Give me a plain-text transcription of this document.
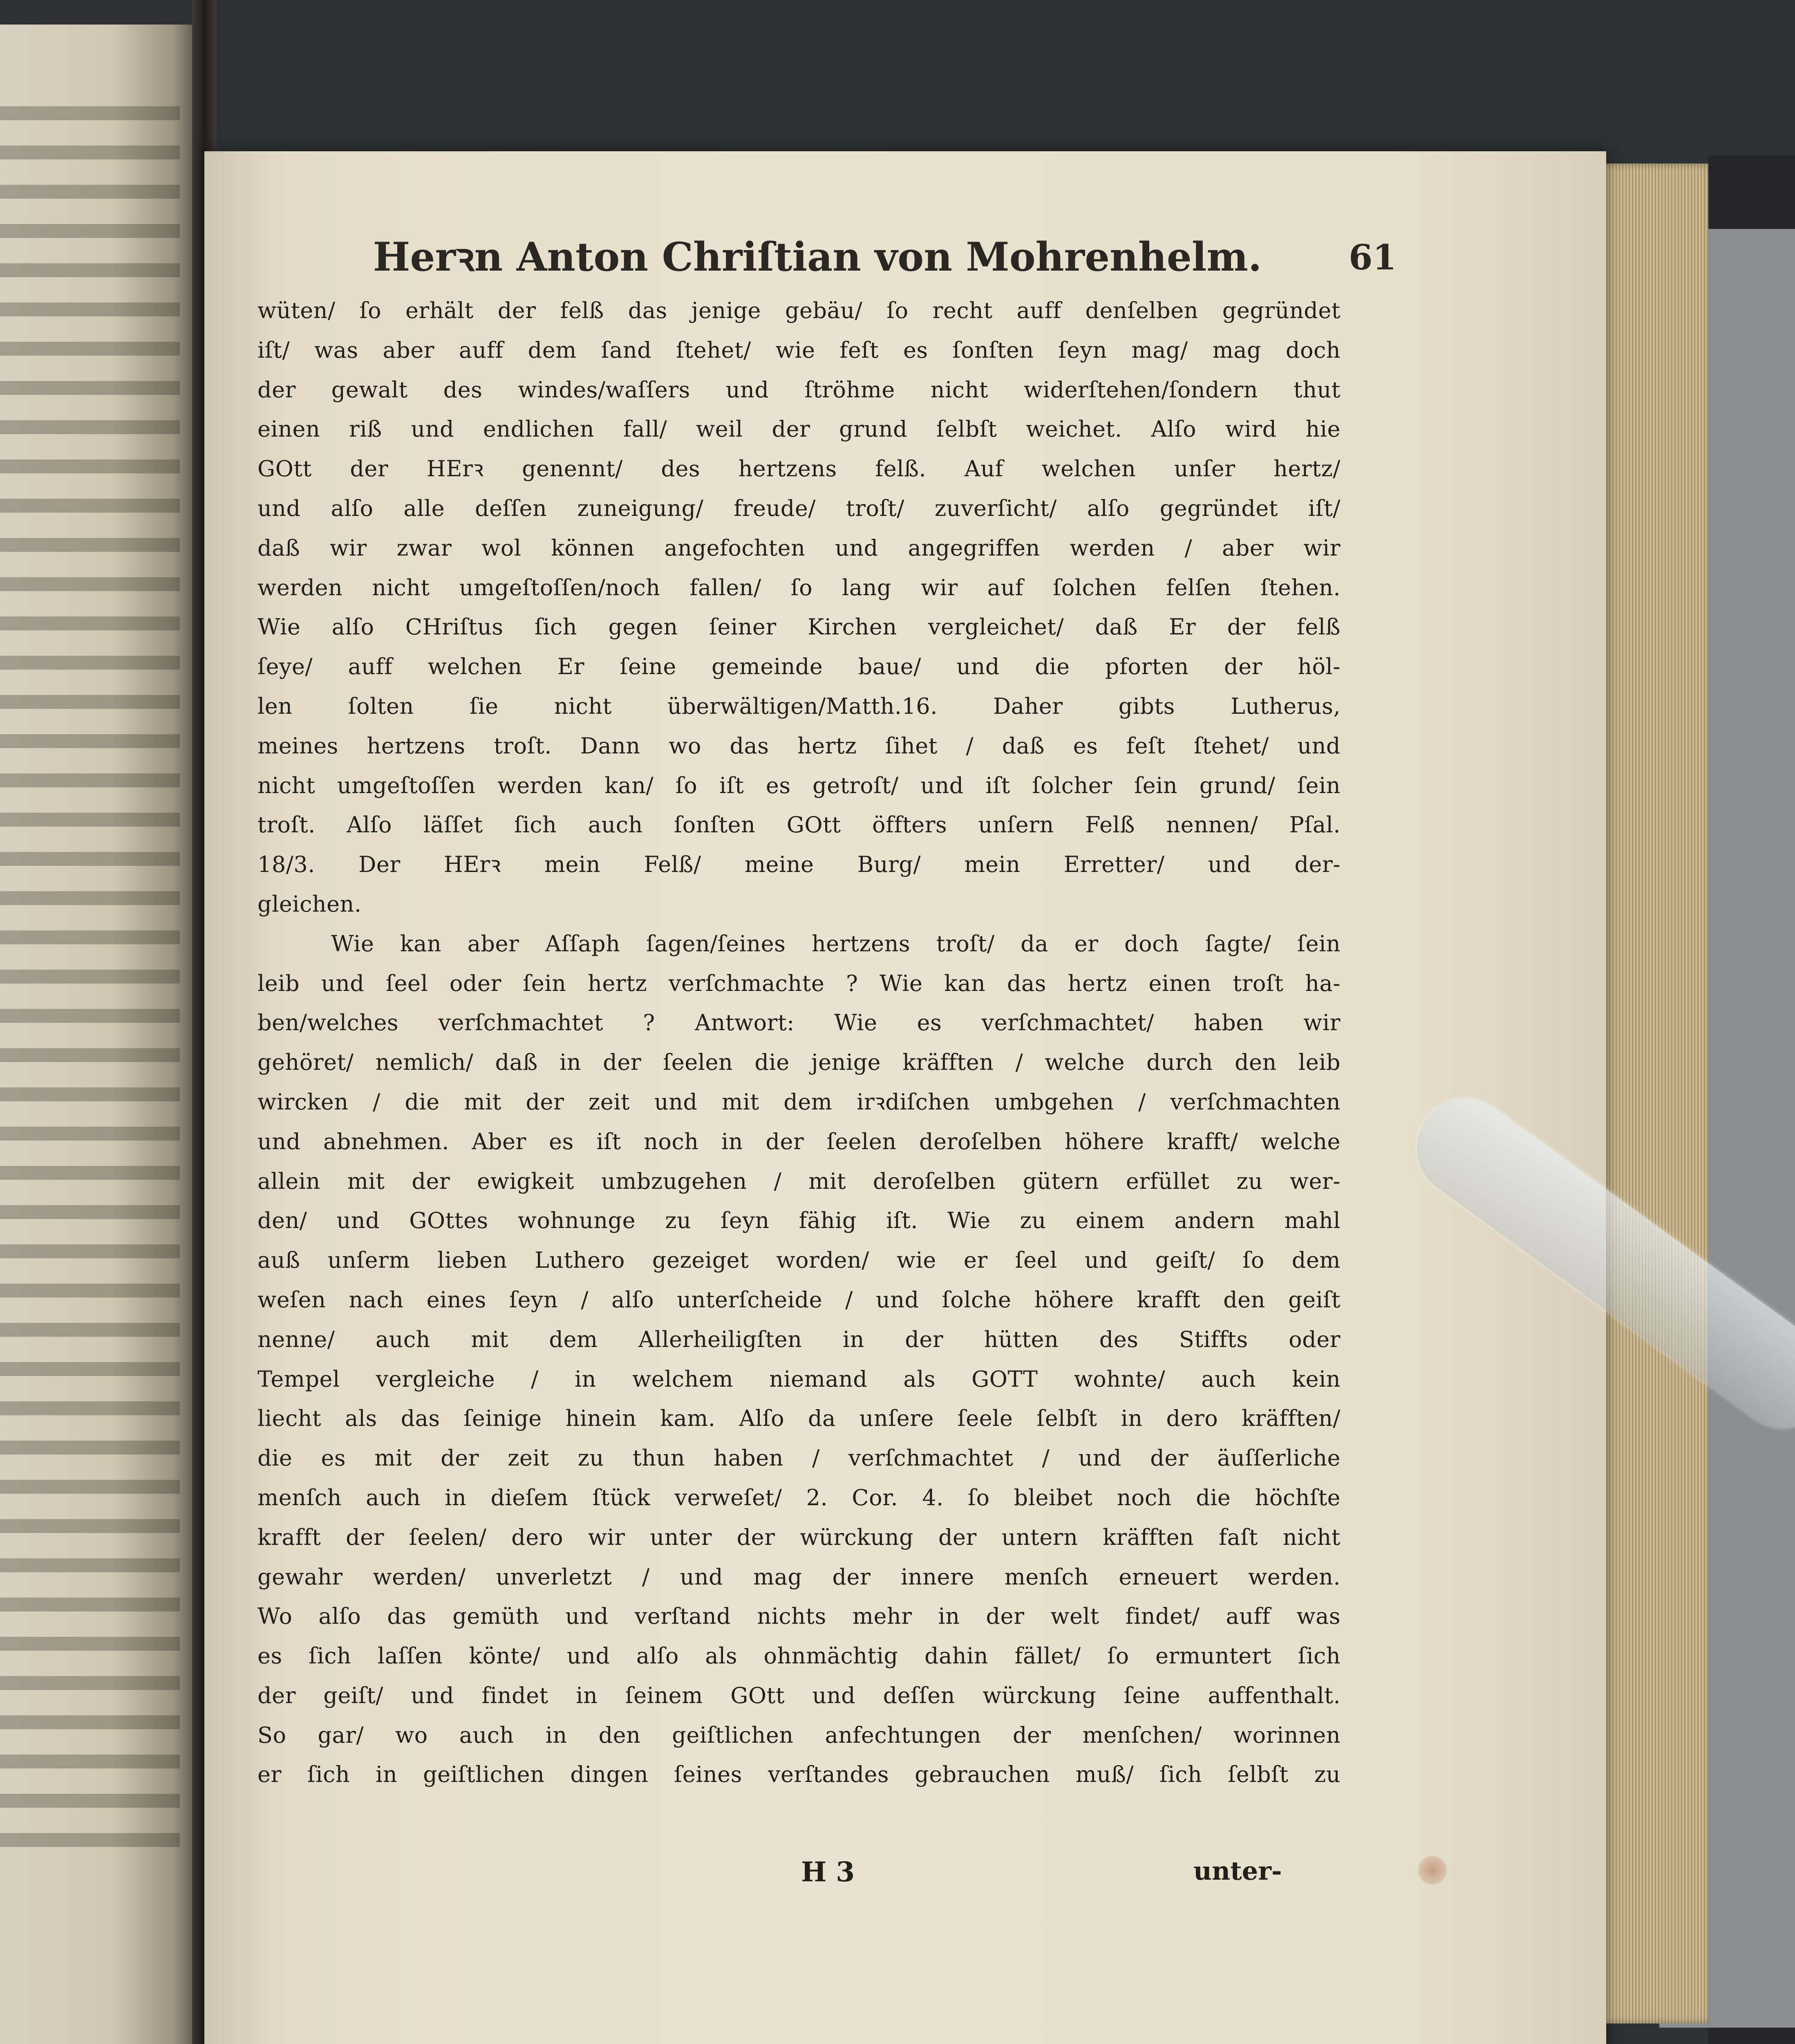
Herꝛn Anton Chriſtian von Mohrenhelm.	61
wüten/ ſo erhält der felß das jenige gebäu/ ſo recht auff denſelben gegründet
iſt/ was aber auff dem ſand ſtehet/ wie feſt es ſonſten ſeyn mag/ mag doch
der gewalt des windes/waſſers und ſtröhme nicht widerſtehen/ſondern thut
einen riß und endlichen fall/ weil der grund ſelbſt weichet. Alſo wird hie
GOtt der HErꝛ genennt/ des hertzens felß. Auf welchen unſer hertz/
und alſo alle deſſen zuneigung/ freude/ troſt/ zuverſicht/ alſo gegründet iſt/
daß wir zwar wol können angefochten und angegriffen werden / aber wir
werden nicht umgeſtoſſen/noch fallen/ ſo lang wir auf ſolchen felſen ſtehen.
Wie alſo CHriſtus ſich gegen ſeiner Kirchen vergleichet/ daß Er der felß
ſeye/ auff welchen Er ſeine gemeinde baue/ und die pforten der höl-
len ſolten ſie nicht überwältigen/Matth.16. Daher gibts Lutherus,
meines hertzens troſt. Dann wo das hertz ſihet / daß es feſt ſtehet/ und
nicht umgeſtoſſen werden kan/ ſo iſt es getroſt/ und iſt ſolcher ſein grund/ ſein
troſt. Alſo läſſet ſich auch ſonſten GOtt öffters unſern Felß nennen/ Pſal.
18/3. Der HErꝛ mein Felß/ meine Burg/ mein Erretter/ und der-
gleichen.
Wie kan aber Aſſaph ſagen/ſeines hertzens troſt/ da er doch ſagte/ ſein
leib und ſeel oder ſein hertz verſchmachte ? Wie kan das hertz einen troſt ha-
ben/welches verſchmachtet ? Antwort: Wie es verſchmachtet/ haben wir
gehöret/ nemlich/ daß in der ſeelen die jenige kräfften / welche durch den leib
wircken / die mit der zeit und mit dem irꝛdiſchen umbgehen / verſchmachten
und abnehmen. Aber es iſt noch in der ſeelen deroſelben höhere krafft/ welche
allein mit der ewigkeit umbzugehen / mit deroſelben gütern erfüllet zu wer-
den/ und GOttes wohnunge zu ſeyn fähig iſt. Wie zu einem andern mahl
auß unſerm lieben Luthero gezeiget worden/ wie er ſeel und geiſt/ ſo dem
weſen nach eines ſeyn / alſo unterſcheide / und ſolche höhere krafft den geiſt
nenne/ auch mit dem Allerheiligſten in der hütten des Stiffts oder
Tempel vergleiche / in welchem niemand als GOTT wohnte/ auch kein
liecht als das ſeinige hinein kam. Alſo da unſere ſeele ſelbſt in dero kräfften/
die es mit der zeit zu thun haben / verſchmachtet / und der äuſſerliche
menſch auch in dieſem ſtück verweſet/ 2. Cor. 4. ſo bleibet noch die höchſte
krafft der ſeelen/ dero wir unter der würckung der untern kräfften faſt nicht
gewahr werden/ unverletzt / und mag der innere menſch erneuert werden.
Wo alſo das gemüth und verſtand nichts mehr in der welt findet/ auff was
es ſich laſſen könte/ und alſo als ohnmächtig dahin fället/ ſo ermuntert ſich
der geiſt/ und findet in ſeinem GOtt und deſſen würckung ſeine auffenthalt.
So gar/ wo auch in den geiſtlichen anfechtungen der menſchen/ worinnen
er ſich in geiſtlichen dingen ſeines verſtandes gebrauchen muß/ ſich ſelbſt zu
H 3	unter-
